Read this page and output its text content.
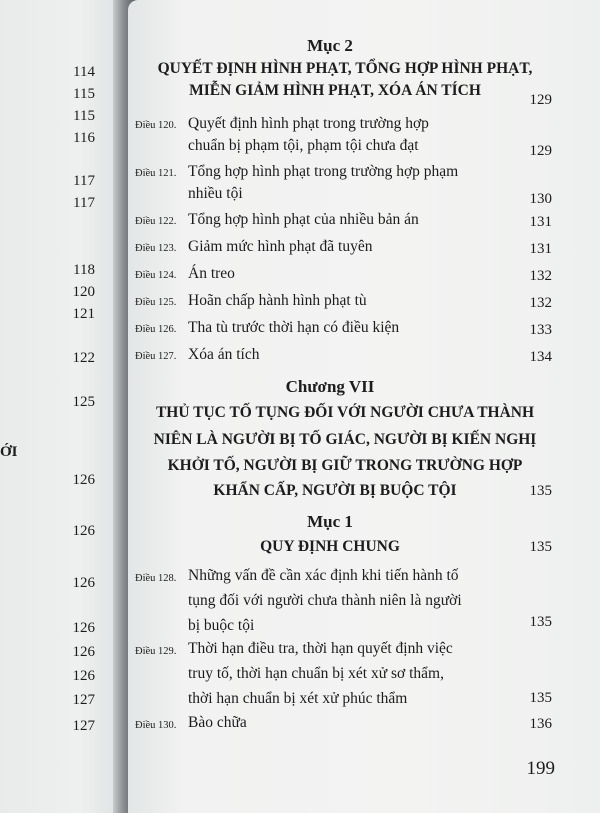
114
115
115
116
117
117
118
120
121
122
125
ỚI
126
126
126
126
126
126
127
127
Mục 2
QUYẾT ĐỊNH HÌNH PHẠT, TỔNG HỢP HÌNH PHẠT,
MIỄN GIẢM HÌNH PHẠT, XÓA ÁN TÍCH
129
Điều 120. Quyết định hình phạt trong trường hợp
chuẩn bị phạm tội, phạm tội chưa đạt	129
Điều 121. Tổng hợp hình phạt trong trường hợp phạm
nhiều tội	130
Điều 122. Tổng hợp hình phạt của nhiều bản án	131
Điều 123. Giảm mức hình phạt đã tuyên	131
Điều 124. Án treo	132
Điều 125. Hoãn chấp hành hình phạt tù	132
Điều 126. Tha tù trước thời hạn có điều kiện	133
Điều 127. Xóa án tích	134
Chương VII
THỦ TỤC TỐ TỤNG ĐỐI VỚI NGƯỜI CHƯA THÀNH
NIÊN LÀ NGƯỜI BỊ TỐ GIÁC, NGƯỜI BỊ KIẾN NGHỊ
KHỞI TỐ, NGƯỜI BỊ GIỮ TRONG TRƯỜNG HỢP
KHẨN CẤP, NGƯỜI BỊ BUỘC TỘI	135
Mục 1
QUY ĐỊNH CHUNG	135
Điều 128. Những vấn đề cần xác định khi tiến hành tố
tụng đối với người chưa thành niên là người
bị buộc tội	135
Điều 129. Thời hạn điều tra, thời hạn quyết định việc
truy tố, thời hạn chuẩn bị xét xử sơ thẩm,
thời hạn chuẩn bị xét xử phúc thẩm	135
Điều 130. Bào chữa	136
199
